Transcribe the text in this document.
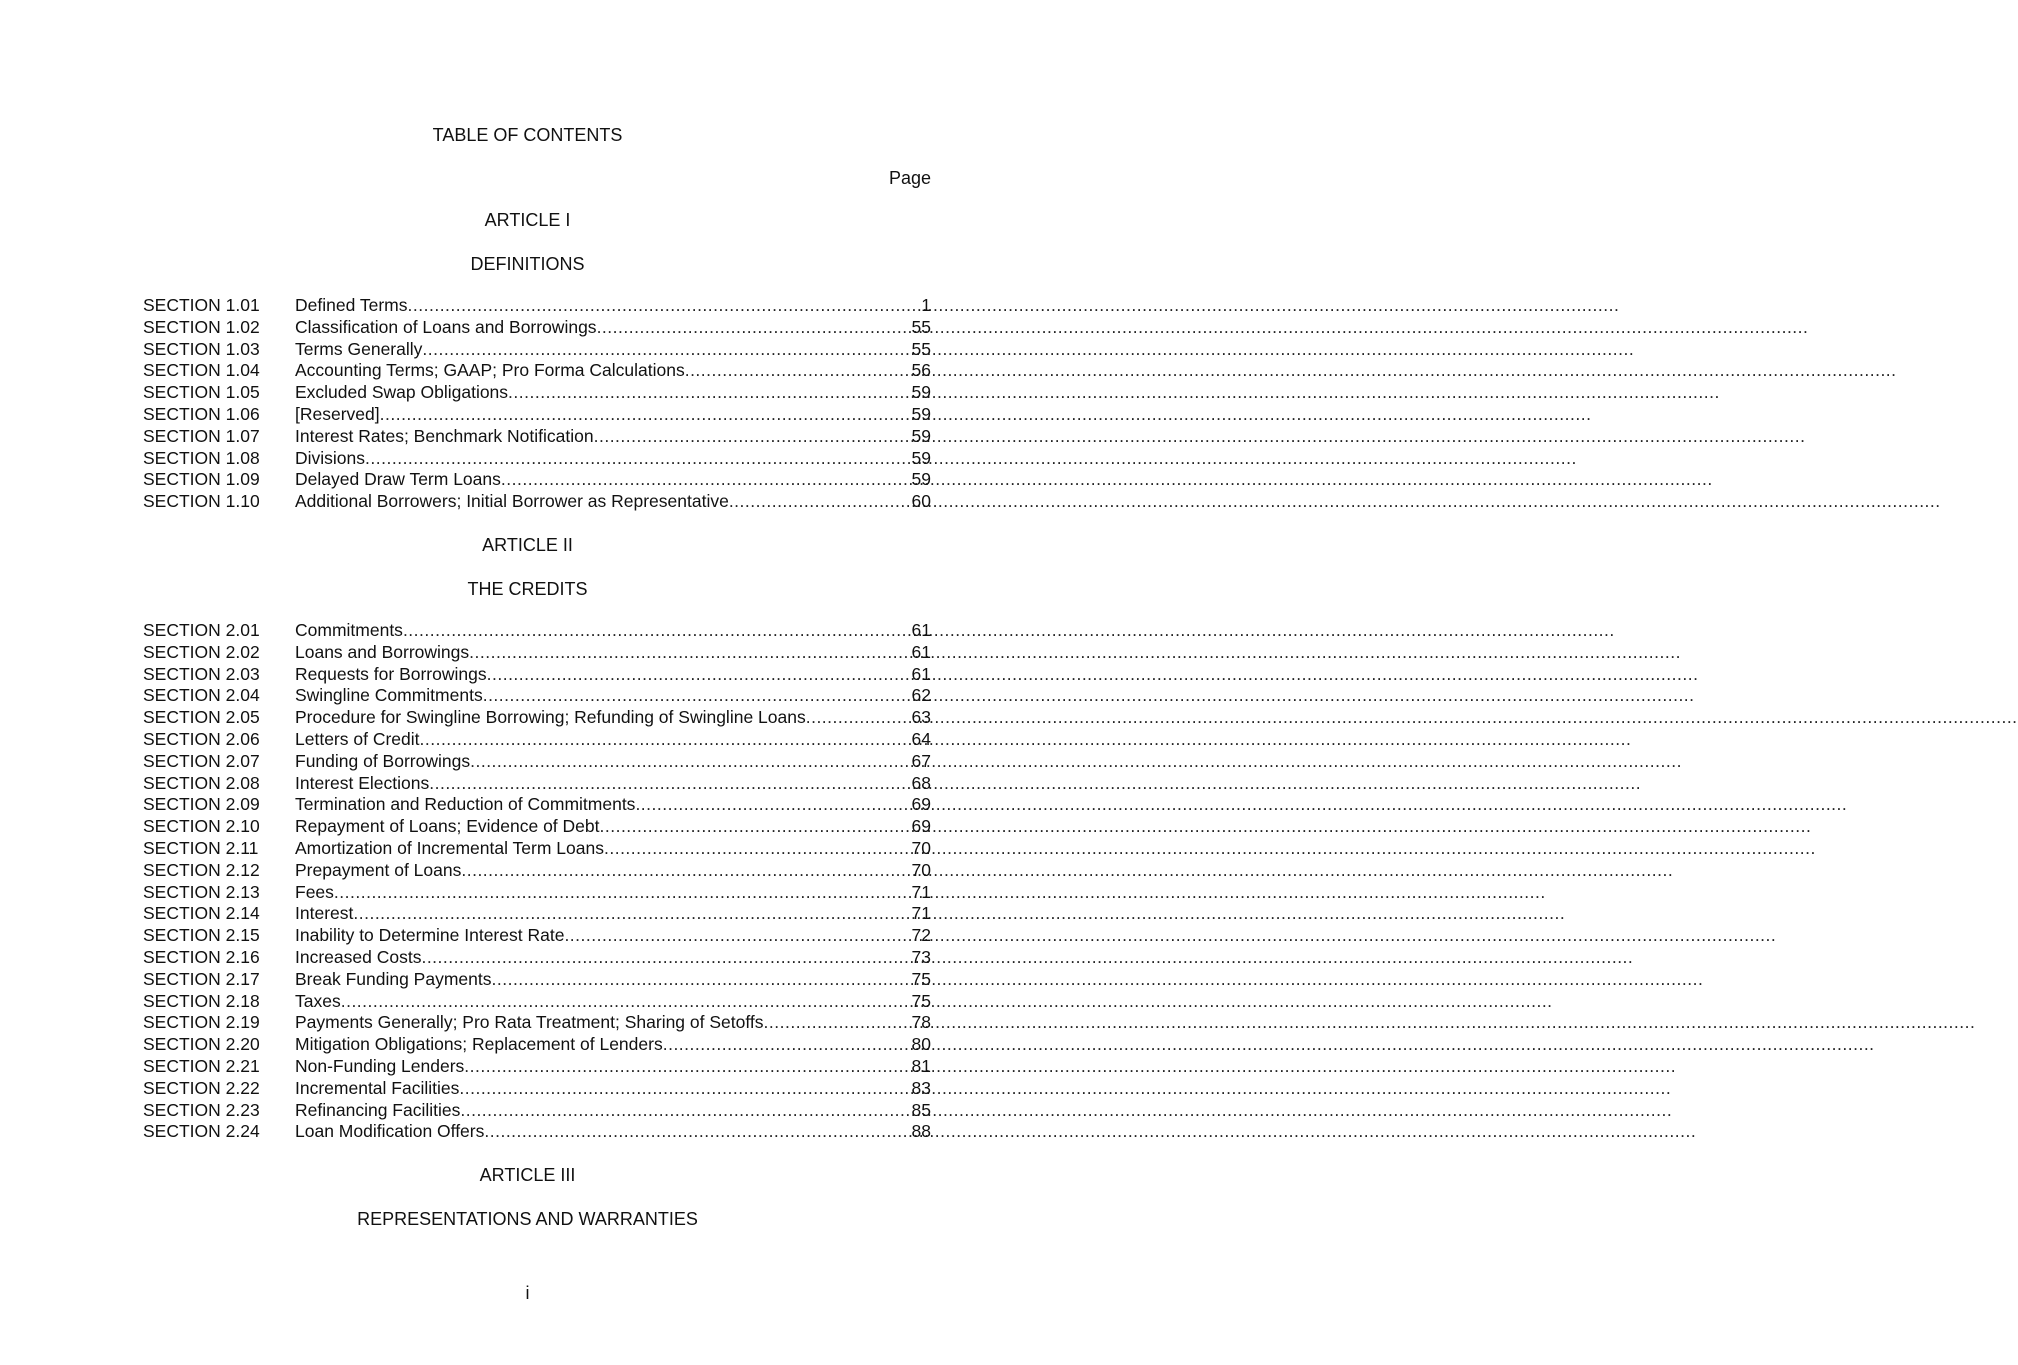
TABLE OF CONTENTS
Page
ARTICLE I
DEFINITIONS
SECTION 1.01	Defined Terms .....	1
SECTION 1.02	Classification of Loans and Borrowings .....	55
SECTION 1.03	Terms Generally .....	55
SECTION 1.04	Accounting Terms; GAAP; Pro Forma Calculations .....	56
SECTION 1.05	Excluded Swap Obligations .....	59
SECTION 1.06	[Reserved] .....	59
SECTION 1.07	Interest Rates; Benchmark Notification .....	59
SECTION 1.08	Divisions .....	59
SECTION 1.09	Delayed Draw Term Loans .....	59
SECTION 1.10	Additional Borrowers; Initial Borrower as Representative .....	60
ARTICLE II
THE CREDITS
SECTION 2.01	Commitments .....	61
SECTION 2.02	Loans and Borrowings .....	61
SECTION 2.03	Requests for Borrowings .....	61
SECTION 2.04	Swingline Commitments .....	62
SECTION 2.05	Procedure for Swingline Borrowing; Refunding of Swingline Loans .....	63
SECTION 2.06	Letters of Credit .....	64
SECTION 2.07	Funding of Borrowings .....	67
SECTION 2.08	Interest Elections .....	68
SECTION 2.09	Termination and Reduction of Commitments .....	69
SECTION 2.10	Repayment of Loans; Evidence of Debt .....	69
SECTION 2.11	Amortization of Incremental Term Loans .....	70
SECTION 2.12	Prepayment of Loans .....	70
SECTION 2.13	Fees .....	71
SECTION 2.14	Interest .....	71
SECTION 2.15	Inability to Determine Interest Rate .....	72
SECTION 2.16	Increased Costs .....	73
SECTION 2.17	Break Funding Payments .....	75
SECTION 2.18	Taxes .....	75
SECTION 2.19	Payments Generally; Pro Rata Treatment; Sharing of Setoffs .....	78
SECTION 2.20	Mitigation Obligations; Replacement of Lenders .....	80
SECTION 2.21	Non-Funding Lenders .....	81
SECTION 2.22	Incremental Facilities .....	83
SECTION 2.23	Refinancing Facilities .....	85
SECTION 2.24	Loan Modification Offers .....	88
ARTICLE III
REPRESENTATIONS AND WARRANTIES
i
